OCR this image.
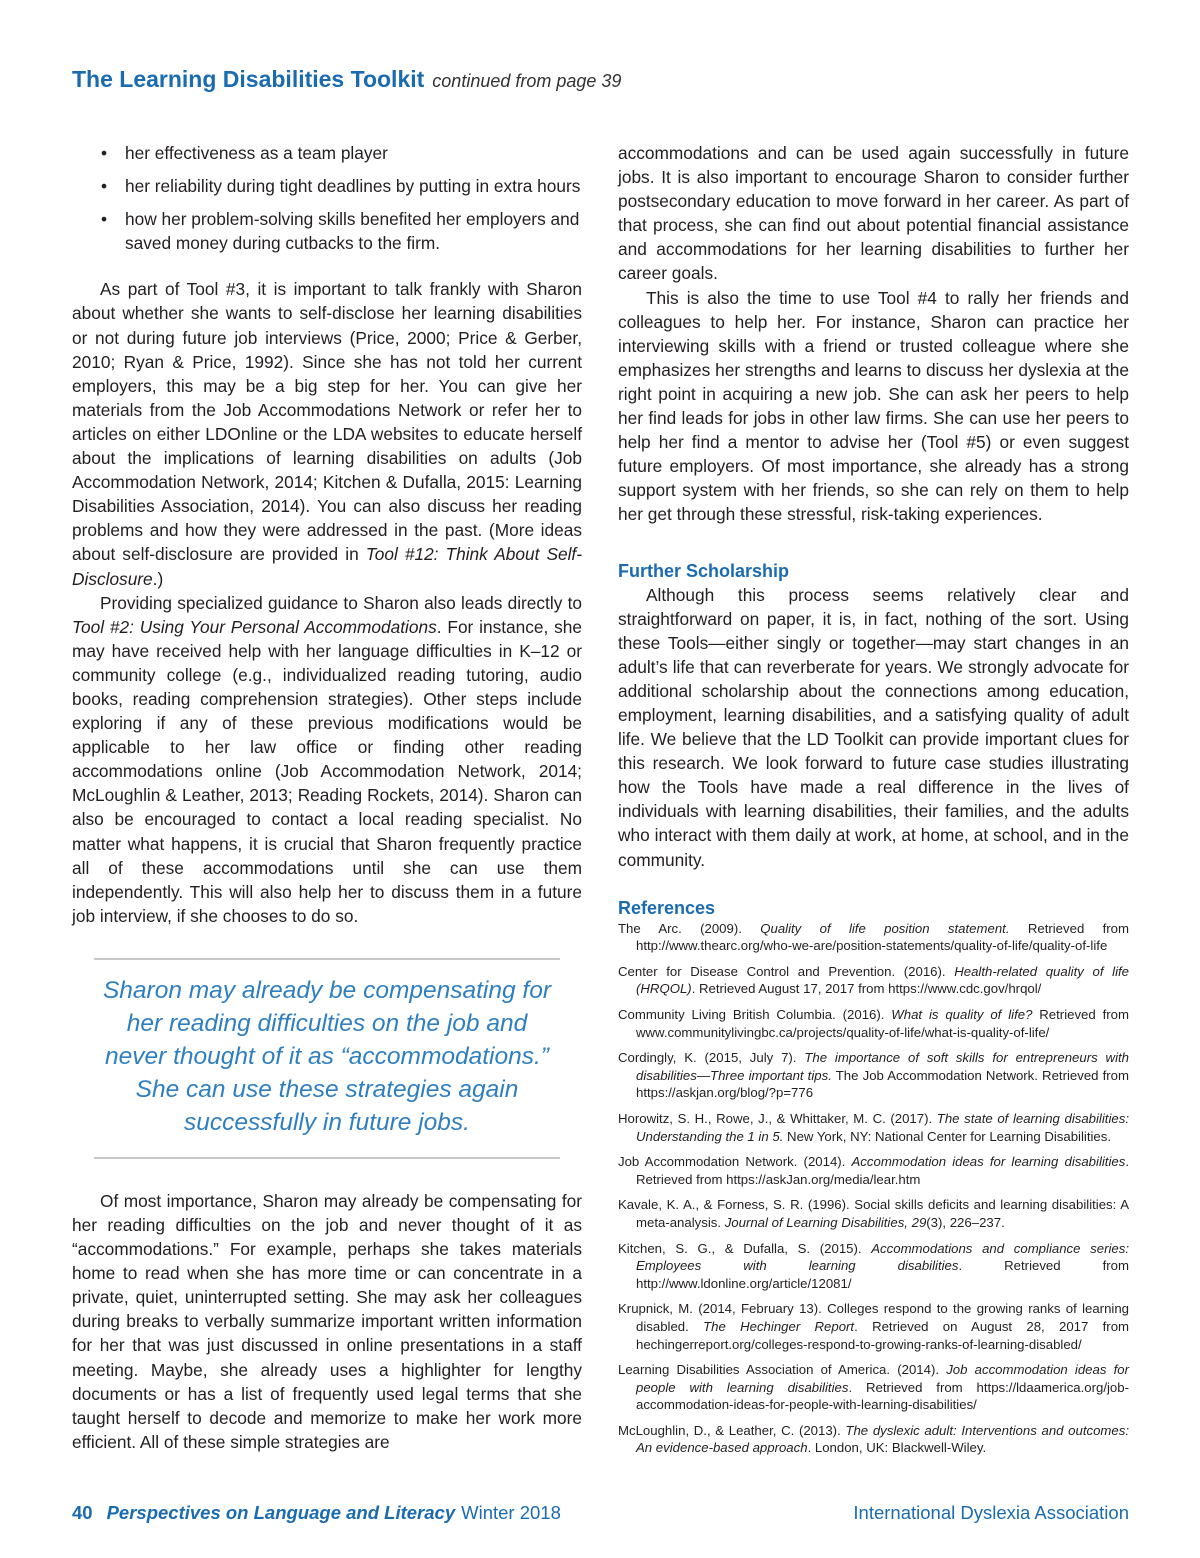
The Learning Disabilities Toolkit continued from page 39
• her effectiveness as a team player
• her reliability during tight deadlines by putting in extra hours
• how her problem-solving skills benefited her employers and saved money during cutbacks to the firm.

As part of Tool #3, it is important to talk frankly with Sharon about whether she wants to self-disclose her learning disabilities or not during future job interviews (Price, 2000; Price & Gerber, 2010; Ryan & Price, 1992). Since she has not told her current employers, this may be a big step for her. You can give her materials from the Job Accommodations Network or refer her to articles on either LDOnline or the LDA websites to educate herself about the implications of learning disabilities on adults (Job Accommodation Network, 2014; Kitchen & Dufalla, 2015: Learning Disabilities Association, 2014). You can also discuss her reading problems and how they were addressed in the past. (More ideas about self-disclosure are provided in Tool #12: Think About Self-Disclosure.)

Providing specialized guidance to Sharon also leads directly to Tool #2: Using Your Personal Accommodations. For instance, she may have received help with her language difficulties in K–12 or community college (e.g., individualized reading tutoring, audio books, reading comprehension strategies). Other steps include exploring if any of these previous modifications would be applicable to her law office or finding other reading accommodations online (Job Accommodation Network, 2014; McLoughlin & Leather, 2013; Reading Rockets, 2014). Sharon can also be encouraged to contact a local reading specialist. No matter what happens, it is crucial that Sharon frequently practice all of these accommodations until she can use them independently. This will also help her to discuss them in a future job interview, if she chooses to do so.

Sharon may already be compensating for
her reading difficulties on the job and
never thought of it as “accommodations.”
She can use these strategies again
successfully in future jobs.

Of most importance, Sharon may already be compensating for her reading difficulties on the job and never thought of it as “accommodations.” For example, perhaps she takes materials home to read when she has more time or can concentrate in a private, quiet, uninterrupted setting. She may ask her colleagues during breaks to verbally summarize important written information for her that was just discussed in online presentations in a staff meeting. Maybe, she already uses a highlighter for lengthy documents or has a list of frequently used legal terms that she taught herself to decode and memorize to make her work more efficient. All of these simple strategies are

accommodations and can be used again successfully in future jobs. It is also important to encourage Sharon to consider further postsecondary education to move forward in her career. As part of that process, she can find out about potential financial assistance and accommodations for her learning disabilities to further her career goals.

This is also the time to use Tool #4 to rally her friends and colleagues to help her. For instance, Sharon can practice her interviewing skills with a friend or trusted colleague where she emphasizes her strengths and learns to discuss her dyslexia at the right point in acquiring a new job. She can ask her peers to help her find leads for jobs in other law firms. She can use her peers to help her find a mentor to advise her (Tool #5) or even suggest future employers. Of most importance, she already has a strong support system with her friends, so she can rely on them to help her get through these stressful, risk-taking experiences.

Further Scholarship

Although this process seems relatively clear and straightforward on paper, it is, in fact, nothing of the sort. Using these Tools—either singly or together—may start changes in an adult’s life that can reverberate for years. We strongly advocate for additional scholarship about the connections among education, employment, learning disabilities, and a satisfying quality of adult life. We believe that the LD Toolkit can provide important clues for this research. We look forward to future case studies illustrating how the Tools have made a real difference in the lives of individuals with learning disabilities, their families, and the adults who interact with them daily at work, at home, at school, and in the community.

References

The Arc. (2009). Quality of life position statement. Retrieved from http://www.thearc.org/who-we-are/position-statements/quality-of-life/quality-of-life

Center for Disease Control and Prevention. (2016). Health-related quality of life (HRQOL). Retrieved August 17, 2017 from https://www.cdc.gov/hrqol/

Community Living British Columbia. (2016). What is quality of life? Retrieved from www.communitylivingbc.ca/projects/quality-of-life/what-is-quality-of-life/

Cordingly, K. (2015, July 7). The importance of soft skills for entrepreneurs with disabilities—Three important tips. The Job Accommodation Network. Retrieved from https://askjan.org/blog/?p=776

Horowitz, S. H., Rowe, J., & Whittaker, M. C. (2017). The state of learning disabilities: Understanding the 1 in 5. New York, NY: National Center for Learning Disabilities.

Job Accommodation Network. (2014). Accommodation ideas for learning disabilities. Retrieved from https://askJan.org/media/lear.htm

Kavale, K. A., & Forness, S. R. (1996). Social skills deficits and learning disabilities: A meta-analysis. Journal of Learning Disabilities, 29(3), 226–237.

Kitchen, S. G., & Dufalla, S. (2015). Accommodations and compliance series: Employees with learning disabilities. Retrieved from http://www.ldonline.org/article/12081/

Krupnick, M. (2014, February 13). Colleges respond to the growing ranks of learning disabled. The Hechinger Report. Retrieved on August 28, 2017 from hechingerreport.org/colleges-respond-to-growing-ranks-of-learning-disabled/

Learning Disabilities Association of America. (2014). Job accommodation ideas for people with learning disabilities. Retrieved from https://ldaamerica.org/job-accommodation-ideas-for-people-with-learning-disabilities/

McLoughlin, D., & Leather, C. (2013). The dyslexic adult: Interventions and outcomes: An evidence-based approach. London, UK: Blackwell-Wiley.

40 Perspectives on Language and Literacy Winter 2018	International Dyslexia Association
